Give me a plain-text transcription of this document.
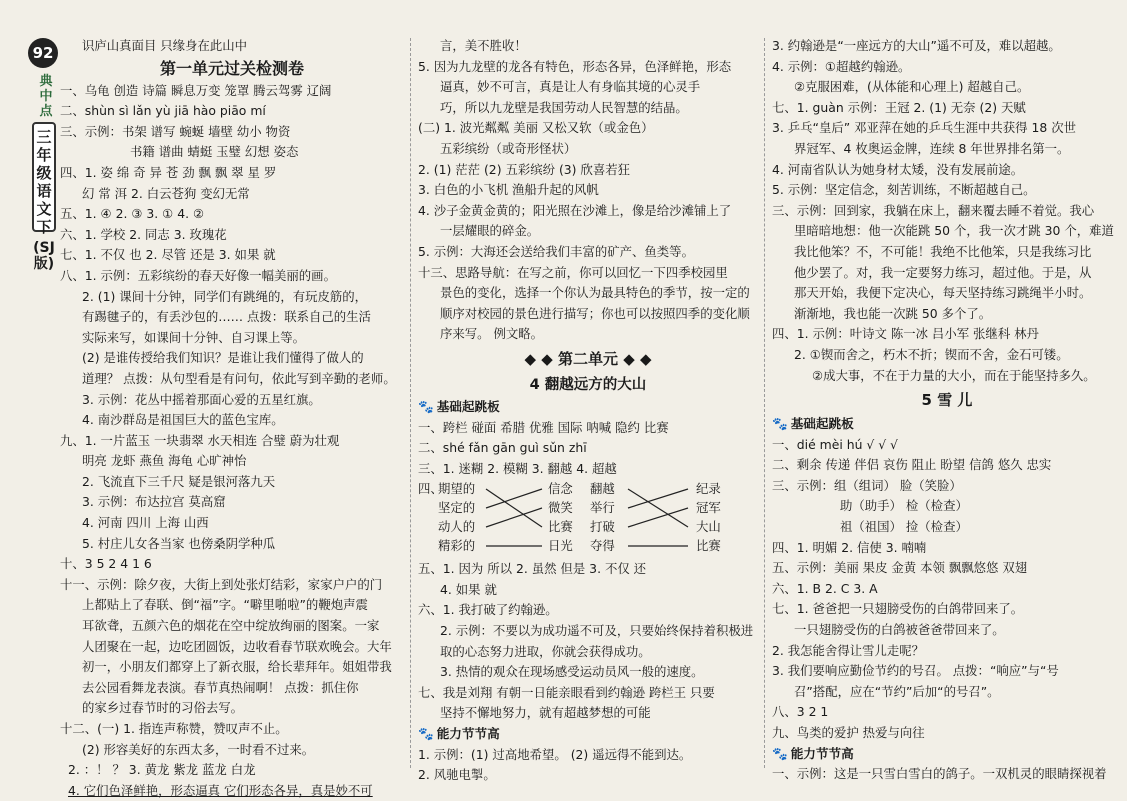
92
典中点
三年级语文下
(SJ版)
识庐山真面目 只缘身在此山中
第一单元过关检测卷
一、乌龟 创造 诗篇 瞬息万变 笼罩 腾云驾雾 辽阔
二、shùn sì lǎn yù jiā hào piāo mí
三、示例：书架 谱写 蜿蜒 墙壁 幼小 物资
书籍 谱曲 蜻蜓 玉璧 幻想 姿态
四、1. 姿 绵 奇 异 苍 劲 飘 飘 翠 星 罗
幻 常 洱 2. 白云苍狗 变幻无常
五、1. ④ 2. ③ 3. ① 4. ②
六、1. 学校 2. 同志 3. 玫瑰花
七、1. 不仅 也 2. 尽管 还是 3. 如果 就
八、1. 示例：五彩缤纷的春天好像一幅美丽的画。
2. (1) 课间十分钟，同学们有跳绳的，有玩皮筋的，
有踢毽子的，有丢沙包的…… 点拨：联系自己的生活
实际来写，如课间十分钟、自习课上等。
(2) 是谁传授给我们知识？是谁让我们懂得了做人的
道理？ 点拨：从句型看是有问句，依此写到辛勤的老师。
3. 示例：花丛中摇着那面心爱的五星红旗。
4. 南沙群岛是祖国巨大的蓝色宝库。
九、1. 一片蓝玉 一块翡翠 水天相连 合璧 蔚为壮观
明亮 龙虾 燕鱼 海龟 心旷神怡
2. 飞流直下三千尺 疑是银河落九天
3. 示例：布达拉宫 莫高窟
4. 河南 四川 上海 山西
5. 村庄儿女各当家 也傍桑阴学种瓜
十、3 5 2 4 1 6
十一、示例：除夕夜，大街上到处张灯结彩，家家户户的门
上都贴上了春联、倒“福”字。“噼里啪啦”的鞭炮声震
耳欲聋，五颜六色的烟花在空中绽放绚丽的图案。一家
人团聚在一起，边吃团圆饭，边收看春节联欢晚会。大年
初一，小朋友们都穿上了新衣服，给长辈拜年。姐姐带我
去公园看舞龙表演。春节真热闹啊！ 点拨：抓住你
的家乡过春节时的习俗去写。
十二、(一) 1. 指连声称赞，赞叹声不止。
(2) 形容美好的东西太多，一时看不过来。
2. ：！ ？ 3. 黄龙 紫龙 蓝龙 白龙
4. 它们色泽鲜艳，形态逼真 它们形态各异，真是妙不可
言，美不胜收！
5. 因为九龙壁的龙各有特色，形态各异，色泽鲜艳，形态
逼真，妙不可言，真是让人有身临其境的心灵手
巧，所以九龙壁是我国劳动人民智慧的结晶。
(二) 1. 波光粼粼 美丽 又松又软（或金色）
五彩缤纷（或奇形怪状）
2. (1) 茫茫 (2) 五彩缤纷 (3) 欣喜若狂
3. 白色的小飞机 渔船升起的风帆
4. 沙子金黄金黄的；阳光照在沙滩上，像是给沙滩铺上了
一层耀眼的碎金。
5. 示例：大海还会送给我们丰富的矿产、鱼类等。
十三、思路导航：在写之前，你可以回忆一下四季校园里
景色的变化，选择一个你认为最具特色的季节，按一定的
顺序对校园的景色进行描写；你也可以按照四季的变化顺
序来写。 例文略。
◆ ◆ 第二单元 ◆ ◆
4 翻越远方的大山
🐾 基础起跳板
一、跨栏 碰面 希腊 优雅 国际 呐喊 隐约 比赛
二、shé fǎn gān guì sǔn zhī
三、1. 迷糊 2. 模糊 3. 翻越 4. 超越
四、
期望的
坚定的
动人的
精彩的
信念
微笑
比赛
日光
翻越
举行
打破
夺得
纪录
冠军
大山
比赛
五、1. 因为 所以 2. 虽然 但是 3. 不仅 还
4. 如果 就
六、1. 我打破了约翰逊。
2. 示例：不要以为成功遥不可及，只要始终保持着积极进
取的心态努力进取，你就会获得成功。
3. 热情的观众在现场感受运动员风一般的速度。
七、我是刘翔 有朝一日能亲眼看到约翰逊 跨栏王 只要
坚持不懈地努力，就有超越梦想的可能
🐾 能力节节高
1. 示例：(1) 过高地希望。 (2) 遥远得不能到达。
2. 风驰电掣。
3. 约翰逊是“一座远方的大山”遥不可及，难以超越。
4. 示例：①超越约翰逊。
②克服困难，(从体能和心理上) 超越自己。
七、1. guàn 示例：王冠 2. (1) 无奈 (2) 天赋
3. 乒乓“皇后” 邓亚萍在她的乒乓生涯中共获得 18 次世
界冠军、4 枚奥运金牌，连续 8 年世界排名第一。
4. 河南省队认为她身材太矮，没有发展前途。
5. 示例：坚定信念，刻苦训练，不断超越自己。
三、示例：回到家，我躺在床上，翻来覆去睡不着觉。我心
里暗暗地想：他一次能跳 50 个，我一次才跳 30 个，难道
我比他笨？不，不可能！我绝不比他笨，只是我练习比
他少罢了。对，我一定要努力练习，超过他。于是，从
那天开始，我便下定决心，每天坚持练习跳绳半小时。
渐渐地，我也能一次跳 50 多个了。
四、1. 示例：叶诗文 陈一冰 吕小军 张继科 林丹
2. ①锲而舍之，朽木不折；锲而不舍，金石可镂。
②成大事，不在于力量的大小，而在于能坚持多久。
5 雪 儿
🐾 基础起跳板
一、dié mèi hú √ √ √
二、剩余 传递 伴侣 哀伤 阻止 盼望 信鸽 悠久 忠实
三、示例：组（组词） 脸（笑脸）
助（助手） 检（检查）
祖（祖国） 捡（检查）
四、1. 明媚 2. 信使 3. 喃喃
五、示例：美丽 果皮 金黄 本领 飘飘悠悠 双翅
六、1. B 2. C 3. A
七、1. 爸爸把一只翅膀受伤的白鸽带回来了。
一只翅膀受伤的白鸽被爸爸带回来了。
2. 我怎能舍得让雪儿走呢？
3. 我们要响应勤俭节约的号召。 点拨：“响应”与“号
召”搭配，应在“节约”后加“的号召”。
八、3 2 1
九、鸟类的爱护 热爱与向往
🐾 能力节节高
一、示例：这是一只雪白雪白的鸽子。一双机灵的眼睛探视着
